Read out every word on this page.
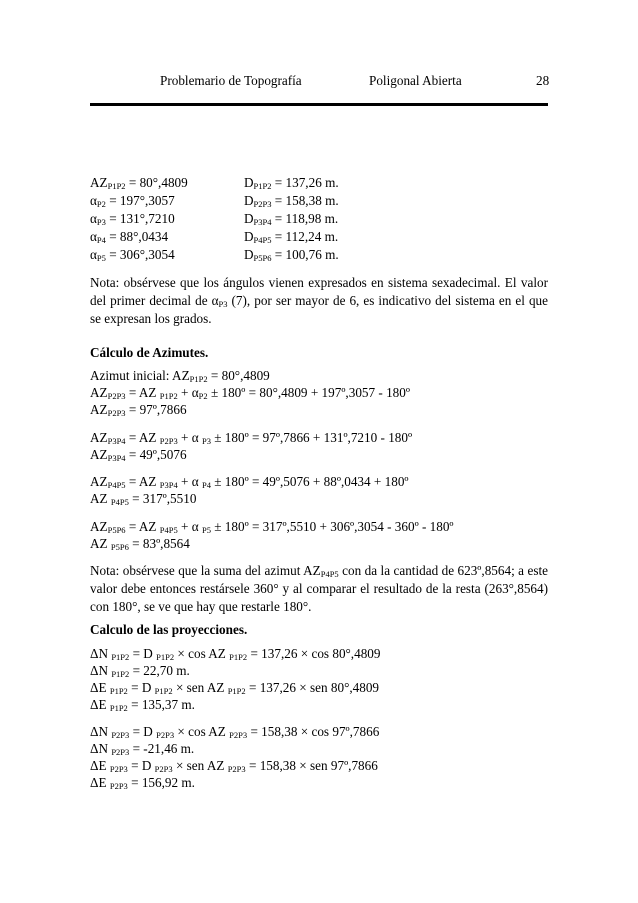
Problemario de Topografía	Poligonal Abierta	28
$AZ_{P1P2} = 80^\circ,4809$
$\alpha_{P2} = 197^\circ,3057$
$\alpha_{P3} = 131^\circ,7210$
$\alpha_{P4} = 88^\circ,0434$
$\alpha_{P5} = 306^\circ,3054$
$D_{P1P2} = 137,26$ m.
$D_{P2P3} = 158,38$ m.
$D_{P3P4} = 118,98$ m.
$D_{P4P5} = 112,24$ m.
$D_{P5P6} = 100,76$ m.
Nota: obsérvese que los ángulos vienen expresados en sistema sexadecimal. El valor del primer decimal de $\alpha_{P3}$ (7), por ser mayor de 6, es indicativo del sistema en el que se expresan los grados.
Cálculo de Azimutes.
Azimut inicial: $AZ_{P1P2} = 80^\circ,4809$
$AZ_{P2P3}$ = AZ $_{P1P2} + \alpha_{P2}$ ± 180º = 80°,4809 + 197º,3057 - 180º
$AZ_{P2P3}$ = 97º,7866
$AZ_{P3P4}$ = AZ $_{P2P3}$ + α $_{P3}$ ± 180º = 97º,7866 + 131º,7210 - 180º
$AZ_{P3P4}$ = 49º,5076
$AZ_{P4P5}$ = AZ $_{P3P4}$ + α $_{P4}$ ± 180º = 49º,5076 + 88º,0434 + 180º
AZ $_{P4P5}$ = 317º,5510
$AZ_{P5P6}$ = AZ $_{P4P5}$ + α $_{P5}$ ± 180º = 317º,5510 + 306º,3054 - 360º - 180º
AZ $_{P5P6}$ = 83º,8564
Nota: obsérvese que la suma del azimut $AZ_{P4P5}$ con da la cantidad de 623º,8564; a este valor debe entonces restársele 360° y al comparar el resultado de la resta (263°,8564) con 180°, se ve que hay que restarle 180°.
Calculo de las proyecciones.
ΔN $_{P1P2}$ = D $_{P1P2}$ × cos AZ $_{P1P2}$ = 137,26 × cos 80°,4809
ΔN $_{P1P2}$ = 22,70 m.
ΔE $_{P1P2}$ = D $_{P1P2}$ × sen AZ $_{P1P2}$ = 137,26 × sen 80°,4809
ΔE $_{P1P2}$ = 135,37 m.
ΔN $_{P2P3}$ = D $_{P2P3}$ × cos AZ $_{P2P3}$ = 158,38 × cos 97º,7866
ΔN $_{P2P3}$ = -21,46 m.
ΔE $_{P2P3}$ = D $_{P2P3}$ × sen AZ $_{P2P3}$ = 158,38 × sen 97º,7866
ΔE $_{P2P3}$ = 156,92 m.
